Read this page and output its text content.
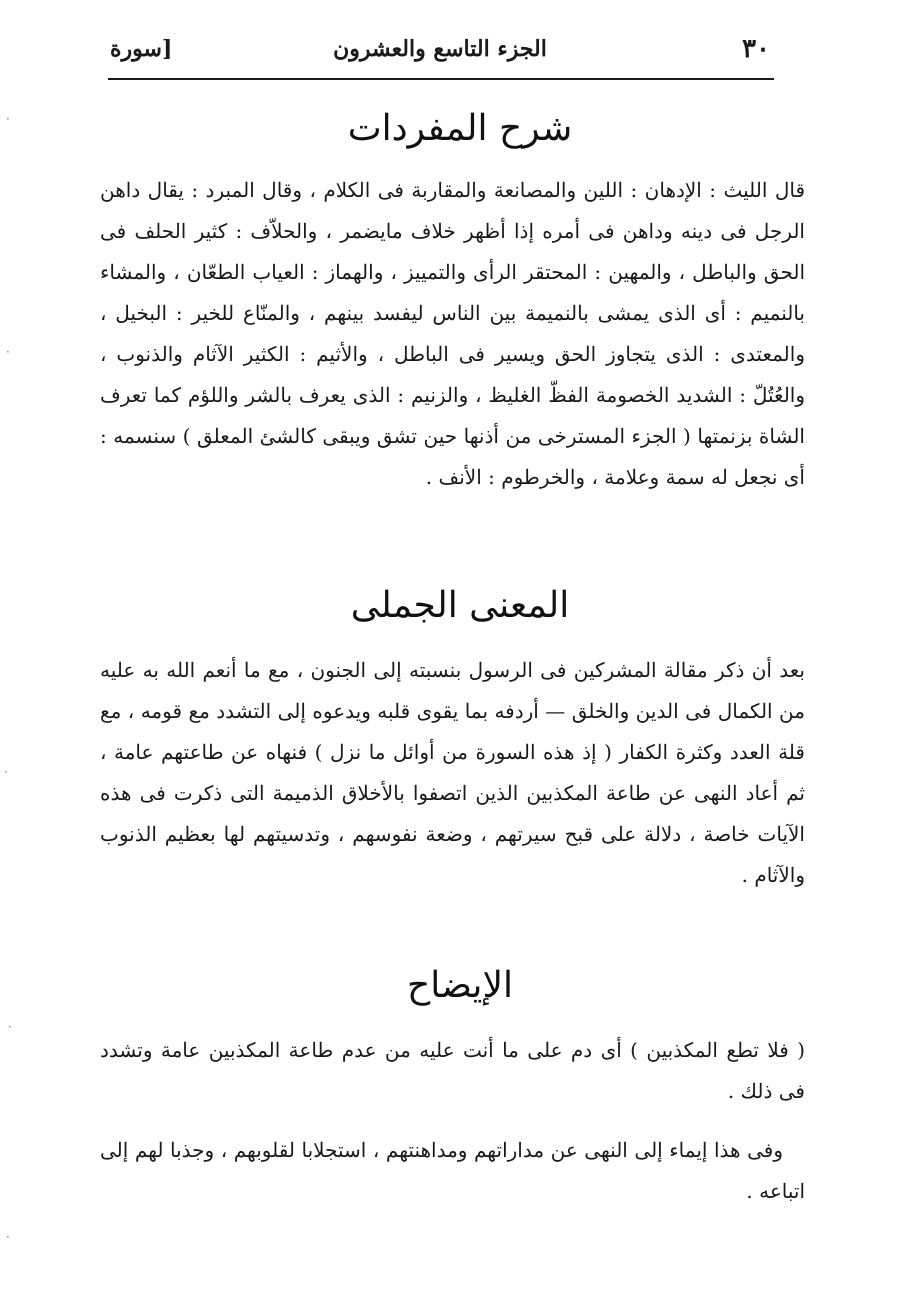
٣٠
الجزء التاسع والعشرون
[سورة
·
·
·
·
·
شرح المفردات

قال الليث : الإدهان : اللين والمصانعة والمقاربة فى الكلام ، وقال المبرد : يقال داهن الرجل فى دينه وداهن فى أمره إذا أظهر خلاف مايضمر ، والحلاّف : كثير الحلف فى الحق والباطل ، والمهين : المحتقر الرأى والتمييز ، والهماز : العياب الطعّان ، والمشاء بالنميم : أى الذى يمشى بالنميمة بين الناس ليفسد بينهم ، والمنّاع للخير : البخيل ، والمعتدى : الذى يتجاوز الحق ويسير فى الباطل ، والأثيم : الكثير الآثام والذنوب ، والعُتُلّ : الشديد الخصومة الفظّ الغليظ ، والزنيم : الذى يعرف بالشر واللؤم كما تعرف الشاة بزنمتها ( الجزء المسترخى من أذنها حين تشق ويبقى كالشئ المعلق ) سنسمه : أى نجعل له سمة وعلامة ، والخرطوم : الأنف .

المعنى الجملى

بعد أن ذكر مقالة المشركين فى الرسول بنسبته إلى الجنون ، مع ما أنعم الله به عليه من الكمال فى الدين والخلق — أردفه بما يقوى قلبه ويدعوه إلى التشدد مع قومه ، مع قلة العدد وكثرة الكفار ( إذ هذه السورة من أوائل ما نزل ) فنهاه عن طاعتهم عامة ، ثم أعاد النهى عن طاعة المكذبين الذين اتصفوا بالأخلاق الذميمة التى ذكرت فى هذه الآيات خاصة ، دلالة على قبح سيرتهم ، وضعة نفوسهم ، وتدسيتهم لها بعظيم الذنوب والآثام .

الإيضاح

( فلا تطع المكذبين ) أى دم على ما أنت عليه من عدم طاعة المكذبين عامة وتشدد فى ذلك .

وفى هذا إيماء إلى النهى عن مداراتهم ومداهنتهم ، استجلابا لقلوبهم ، وجذبا لهم إلى اتباعه .
